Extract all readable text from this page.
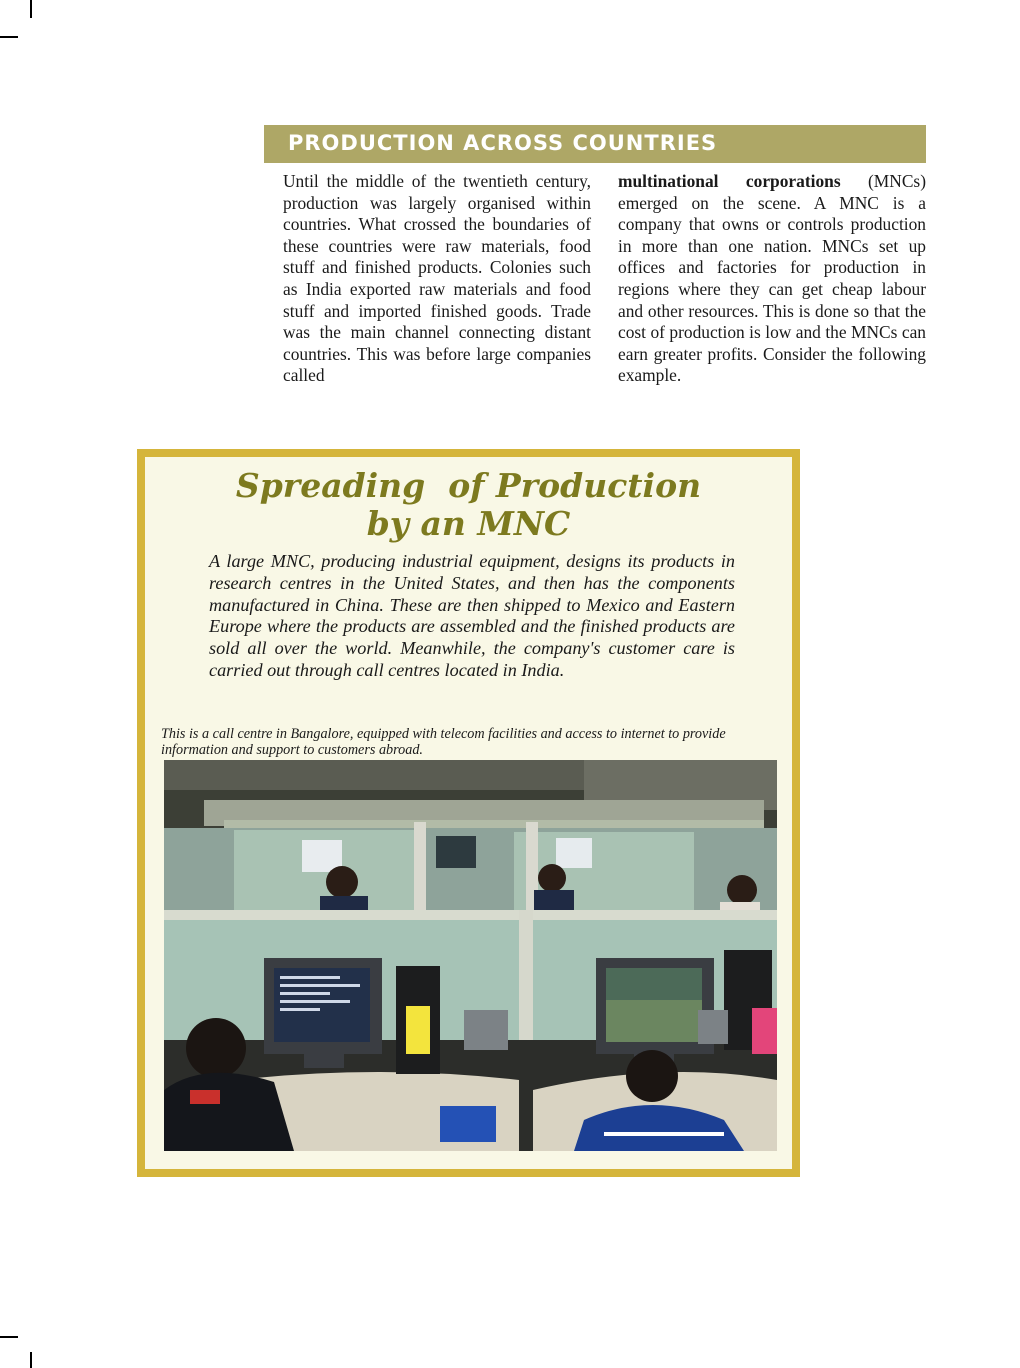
PRODUCTION ACROSS COUNTRIES
Until the middle of the twentieth century, production was largely organised within countries. What crossed the boundaries of these countries were raw materials, food stuff and finished products. Colonies such as India exported raw materials and food stuff and imported finished goods. Trade was the main channel connecting distant countries. This was before large companies called
multinational corporations (MNCs) emerged on the scene. A MNC is a company that owns or controls production in more than one nation. MNCs set up offices and factories for production in regions where they can get cheap labour and other resources. This is done so that the cost of production is low and the MNCs can earn greater profits. Consider the following example.
Spreading  of Production
by an MNC
A large MNC, producing industrial equipment, designs its products in research centres in the United States, and then has the components manufactured in China. These are then shipped to Mexico and Eastern Europe where the products are assembled and the finished products are sold all over the world. Meanwhile, the company's customer care is carried out through call centres located in India.
This is a call centre in Bangalore, equipped with telecom facilities and access to internet to provide information and support to customers abroad.
